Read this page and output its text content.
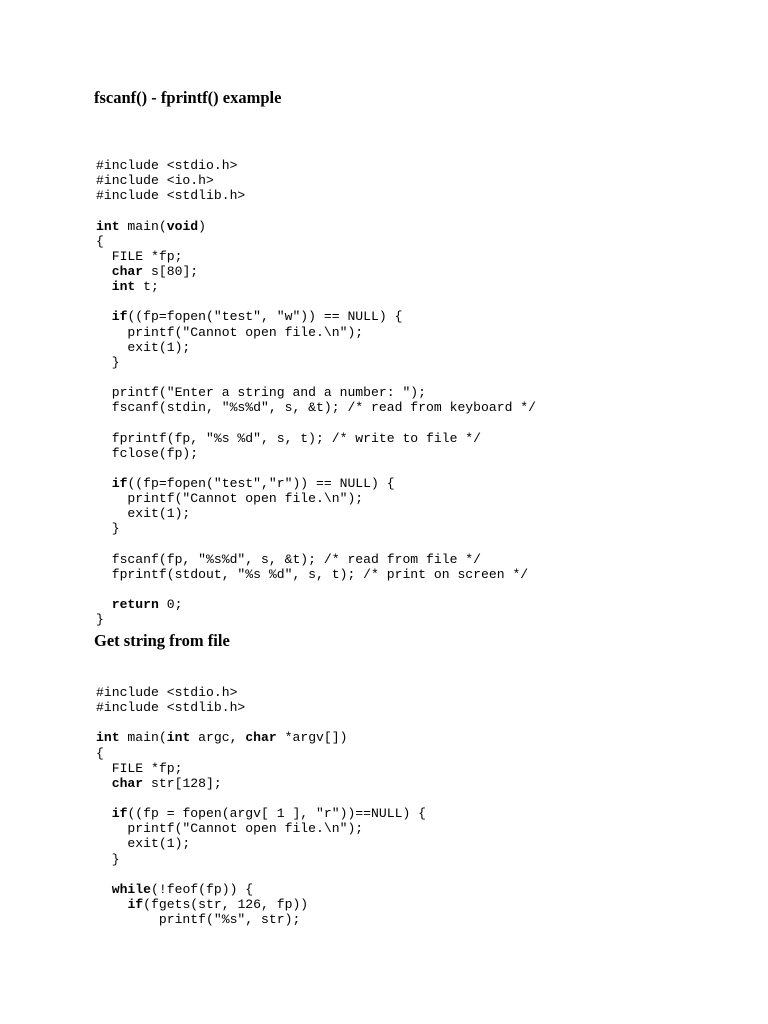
fscanf() - fprintf() example
#include <stdio.h>
#include <io.h>
#include <stdlib.h>

int main(void)
{
FILE *fp;
char s[80];
int t;

if((fp=fopen("test", "w")) == NULL) {
printf("Cannot open file.\n");
exit(1);
}

printf("Enter a string and a number: ");
fscanf(stdin, "%s%d", s, &t); /* read from keyboard */

fprintf(fp, "%s %d", s, t); /* write to file */
fclose(fp);

if((fp=fopen("test","r")) == NULL) {
printf("Cannot open file.\n");
exit(1);
}

fscanf(fp, "%s%d", s, &t); /* read from file */
fprintf(stdout, "%s %d", s, t); /* print on screen */

return 0;
}
Get string from file
#include <stdio.h>
#include <stdlib.h>

int main(int argc, char *argv[])
{
FILE *fp;
char str[128];

if((fp = fopen(argv[ 1 ], "r"))==NULL) {
printf("Cannot open file.\n");
exit(1);
}

while(!feof(fp)) {
if(fgets(str, 126, fp))
printf("%s", str);
